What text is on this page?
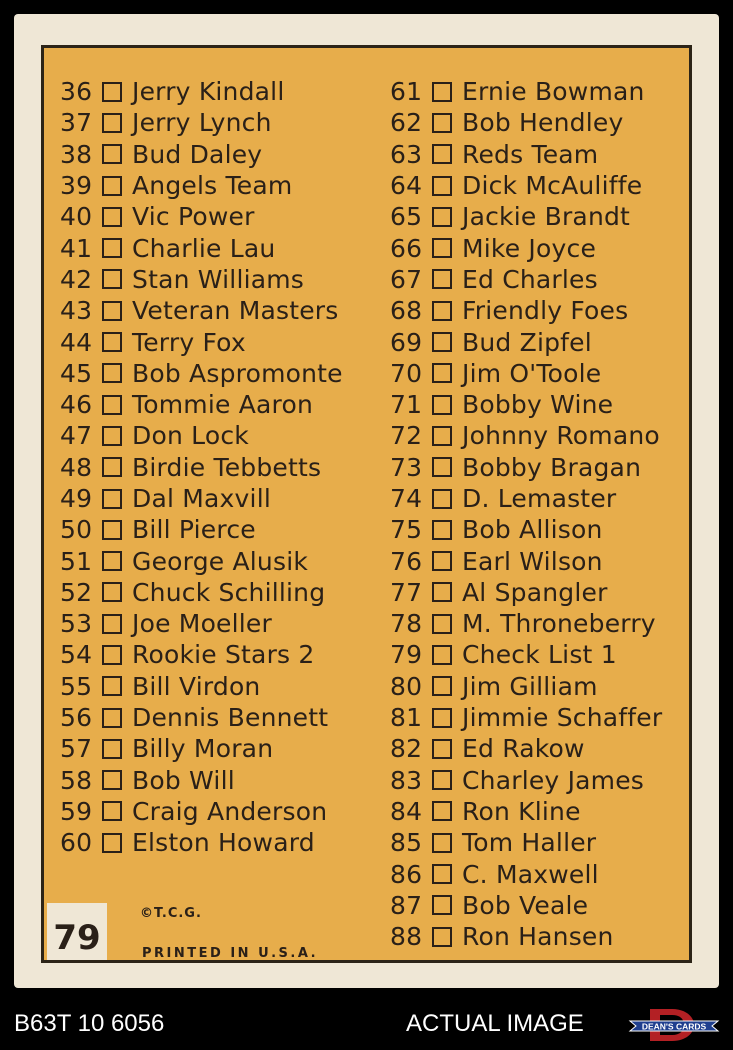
36 Jerry Kindall
37 Jerry Lynch
38 Bud Daley
39 Angels Team
40 Vic Power
41 Charlie Lau
42 Stan Williams
43 Veteran Masters
44 Terry Fox
45 Bob Aspromonte
46 Tommie Aaron
47 Don Lock
48 Birdie Tebbetts
49 Dal Maxvill
50 Bill Pierce
51 George Alusik
52 Chuck Schilling
53 Joe Moeller
54 Rookie Stars 2
55 Bill Virdon
56 Dennis Bennett
57 Billy Moran
58 Bob Will
59 Craig Anderson
60 Elston Howard
61 Ernie Bowman
62 Bob Hendley
63 Reds Team
64 Dick McAuliffe
65 Jackie Brandt
66 Mike Joyce
67 Ed Charles
68 Friendly Foes
69 Bud Zipfel
70 Jim O'Toole
71 Bobby Wine
72 Johnny Romano
73 Bobby Bragan
74 D. Lemaster
75 Bob Allison
76 Earl Wilson
77 Al Spangler
78 M. Throneberry
79 Check List 1
80 Jim Gilliam
81 Jimmie Schaffer
82 Ed Rakow
83 Charley James
84 Ron Kline
85 Tom Haller
86 C. Maxwell
87 Bob Veale
88 Ron Hansen
79
©T.C.G.
PRINTED IN U.S.A.
B63T 10 6056	ACTUAL IMAGE	DEAN'S CARDS
